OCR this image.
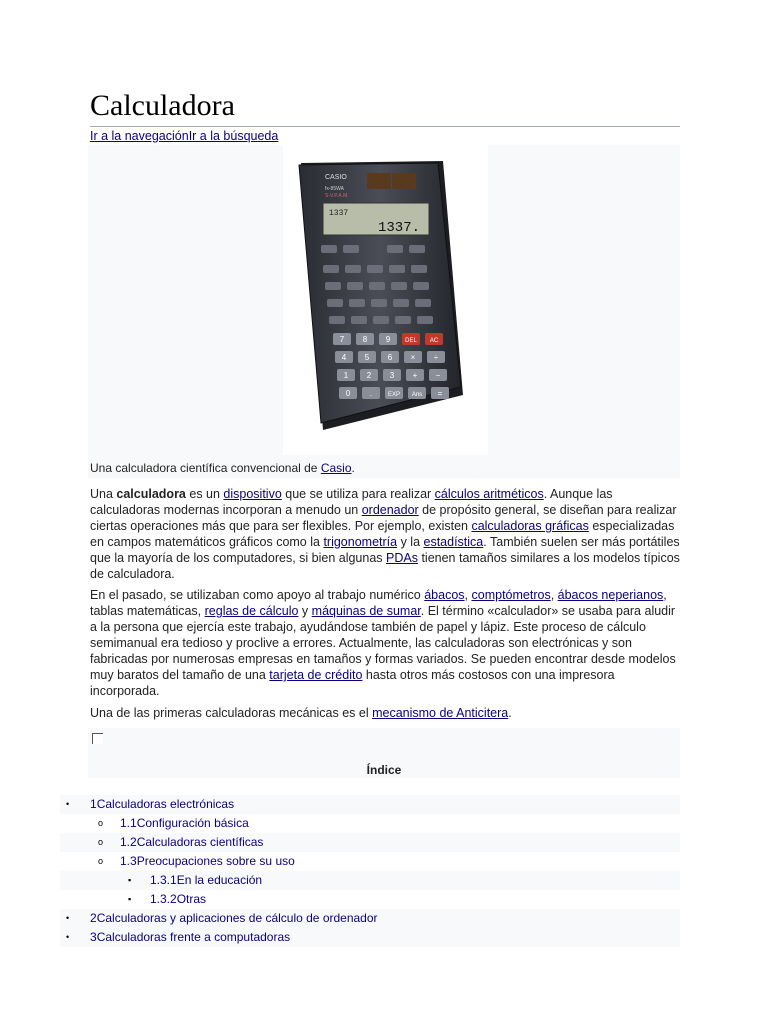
Calculadora
Ir a la navegaciónIr a la búsqueda
CASIO
fx-85WA
S-V.P.A.M.
1337
1337.
7 8 9 DEL AC
4 5 6 × ÷
1 2 3 + −
0 .	EXP Ans =
Una calculadora científica convencional de Casio.
Una calculadora es un dispositivo que se utiliza para realizar cálculos aritméticos. Aunque las calculadoras modernas incorporan a menudo un ordenador de propósito general, se diseñan para realizar ciertas operaciones más que para ser flexibles. Por ejemplo, existen calculadoras gráficas especializadas en campos matemáticos gráficos como la trigonometría y la estadística. También suelen ser más portátiles que la mayoría de los computadores, si bien algunas PDAs tienen tamaños similares a los modelos típicos de calculadora.
En el pasado, se utilizaban como apoyo al trabajo numérico ábacos, comptómetros, ábacos neperianos, tablas matemáticas, reglas de cálculo y máquinas de sumar. El término «calculador» se usaba para aludir a la persona que ejercía este trabajo, ayudándose también de papel y lápiz. Este proceso de cálculo semimanual era tedioso y proclive a errores. Actualmente, las calculadoras son electrónicas y son fabricadas por numerosas empresas en tamaños y formas variados. Se pueden encontrar desde modelos muy baratos del tamaño de una tarjeta de crédito hasta otros más costosos con una impresora incorporada.
Una de las primeras calculadoras mecánicas es el mecanismo de Anticitera.
Índice
• 1Calculadoras electrónicas
o 1.1Configuración básica
o 1.2Calculadoras científicas
o 1.3Preocupaciones sobre su uso
▪ 1.3.1En la educación
▪ 1.3.2Otras
• 2Calculadoras y aplicaciones de cálculo de ordenador
• 3Calculadoras frente a computadoras
